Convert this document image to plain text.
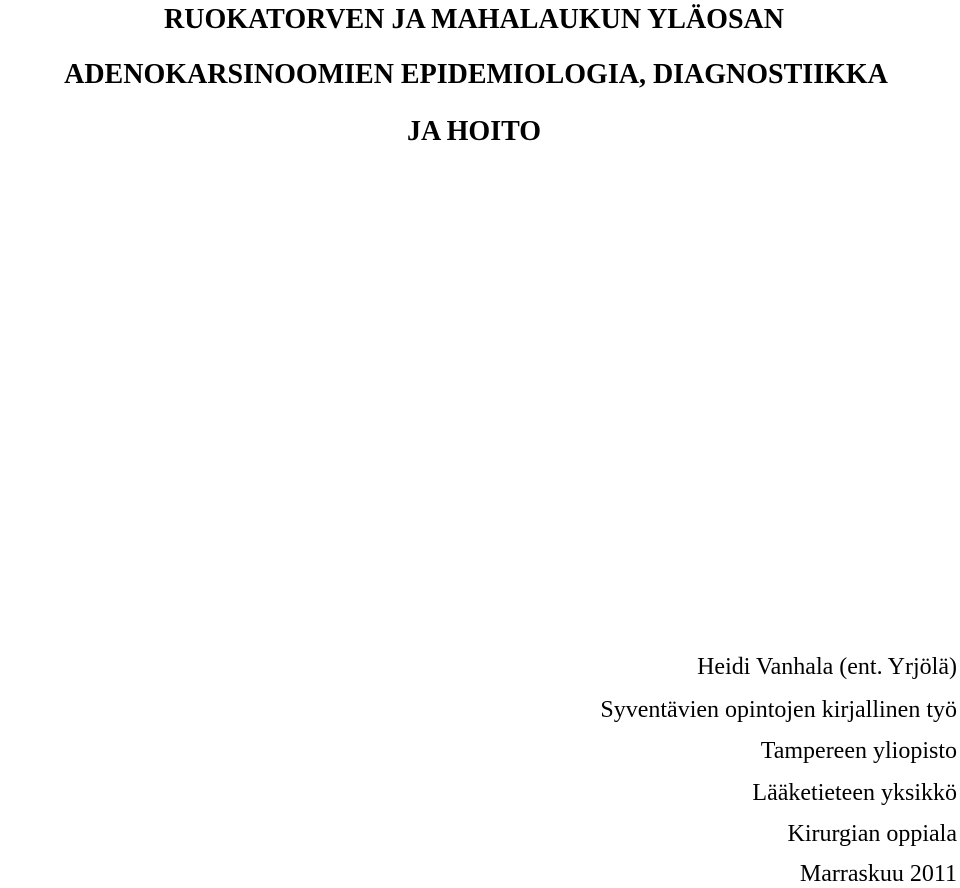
RUOKATORVEN JA MAHALAUKUN YLÄOSAN
ADENOKARSINOOMIEN EPIDEMIOLOGIA, DIAGNOSTIIKKA
JA HOITO
Heidi Vanhala (ent. Yrjölä)
Syventävien opintojen kirjallinen työ
Tampereen yliopisto
Lääketieteen yksikkö
Kirurgian oppiala
Marraskuu 2011
